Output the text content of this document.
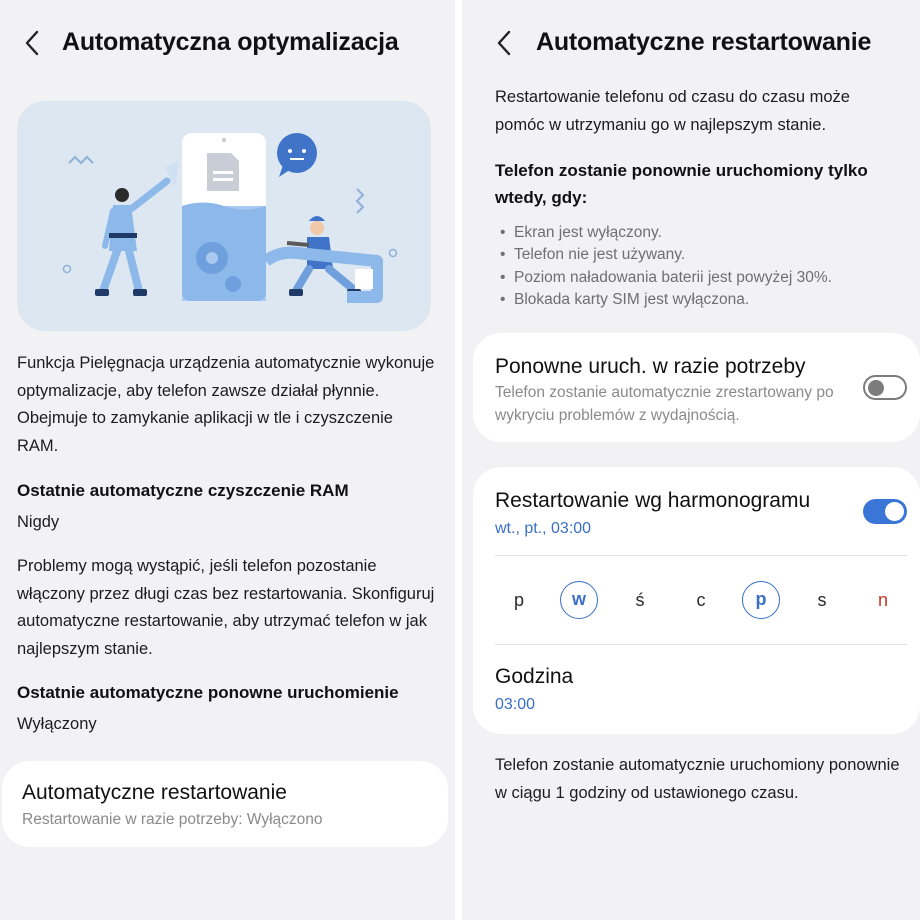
Automatyczna optymalizacja
Funkcja Pielęgnacja urządzenia automatycznie wykonuje optymalizacje, aby telefon zawsze działał płynnie. Obejmuje to zamykanie aplikacji w tle i czyszczenie RAM.
Ostatnie automatyczne czyszczenie RAM
Nigdy
Problemy mogą wystąpić, jeśli telefon pozostanie włączony przez długi czas bez restartowania. Skonfiguruj automatyczne restartowanie, aby utrzymać telefon w jak najlepszym stanie.
Ostatnie automatyczne ponowne uruchomienie
Wyłączony
Automatyczne restartowanie
Restartowanie w razie potrzeby: Wyłączono
Automatyczne restartowanie
Restartowanie telefonu od czasu do czasu może pomóc w utrzymaniu go w najlepszym stanie.
Telefon zostanie ponownie uruchomiony tylko wtedy, gdy:
• Ekran jest wyłączony.
• Telefon nie jest używany.
• Poziom naładowania baterii jest powyżej 30%.
• Blokada karty SIM jest wyłączona.
Ponowne uruch. w razie potrzeby
Telefon zostanie automatycznie zrestartowany po wykryciu problemów z wydajnością.
Restartowanie wg harmonogramu
wt., pt., 03:00
p	w	ś	c	p	s	n
Godzina
03:00
Telefon zostanie automatycznie uruchomiony ponownie w ciągu 1 godziny od ustawionego czasu.
